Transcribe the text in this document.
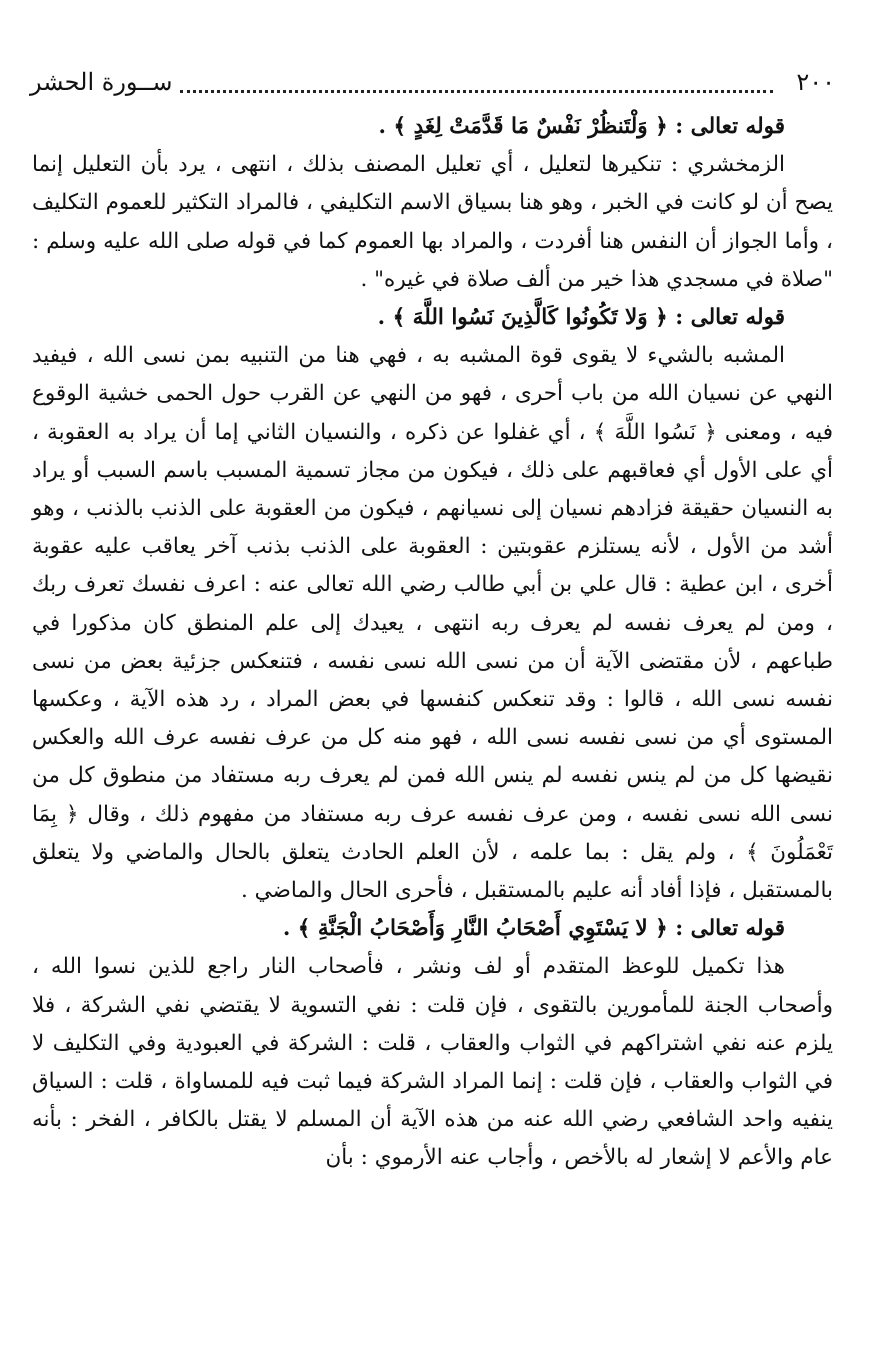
٢٠٠
ســورة الحشر

قوله تعالى : ﴿ وَلْتَنظُرْ نَفْسٌ مَا قَدَّمَتْ لِغَدٍ ﴾ .

الزمخشري : تنكيرها لتعليل ، أي تعليل المصنف بذلك ، انتهى ، يرد بأن التعليل إنما يصح أن لو كانت في الخبر ، وهو هنا بسياق الاسم التكليفي ، فالمراد التكثير للعموم التكليف ، وأما الجواز أن النفس هنا أفردت ، والمراد بها العموم كما في قوله صلى الله عليه وسلم : "صلاة في مسجدي هذا خير من ألف صلاة في غيره" .

قوله تعالى : ﴿ وَلا تَكُونُوا كَالَّذِينَ نَسُوا اللَّهَ ﴾ .

المشبه بالشيء لا يقوى قوة المشبه به ، فهي هنا من التنبيه بمن نسى الله ، فيفيد النهي عن نسيان الله من باب أحرى ، فهو من النهي عن القرب حول الحمى خشية الوقوع فيه ، ومعنى ﴿ نَسُوا اللَّهَ ﴾ ، أي غفلوا عن ذكره ، والنسيان الثاني إما أن يراد به العقوبة ، أي على الأول أي فعاقبهم على ذلك ، فيكون من مجاز تسمية المسبب باسم السبب أو يراد به النسيان حقيقة فزادهم نسيان إلى نسيانهم ، فيكون من العقوبة على الذنب بالذنب ، وهو أشد من الأول ، لأنه يستلزم عقوبتين : العقوبة على الذنب بذنب آخر يعاقب عليه عقوبة أخرى ، ابن عطية : قال علي بن أبي طالب رضي الله تعالى عنه : اعرف نفسك تعرف ربك ، ومن لم يعرف نفسه لم يعرف ربه انتهى ، يعيدك إلى علم المنطق كان مذكورا في طباعهم ، لأن مقتضى الآية أن من نسى الله نسى نفسه ، فتنعكس جزئية بعض من نسى نفسه نسى الله ، قالوا : وقد تنعكس كنفسها في بعض المراد ، رد هذه الآية ، وعكسها المستوى أي من نسى نفسه نسى الله ، فهو منه كل من عرف نفسه عرف الله والعكس نقيضها كل من لم ينس نفسه لم ينس الله فمن لم يعرف ربه مستفاد من منطوق كل من نسى الله نسى نفسه ، ومن عرف نفسه عرف ربه مستفاد من مفهوم ذلك ، وقال ﴿ بِمَا تَعْمَلُونَ ﴾ ، ولم يقل : بما علمه ، لأن العلم الحادث يتعلق بالحال والماضي ولا يتعلق بالمستقبل ، فإذا أفاد أنه عليم بالمستقبل ، فأحرى الحال والماضي .

قوله تعالى : ﴿ لا يَسْتَوِي أَصْحَابُ النَّارِ وَأَصْحَابُ الْجَنَّةِ ﴾ .

هذا تكميل للوعظ المتقدم أو لف ونشر ، فأصحاب النار راجع للذين نسوا الله ، وأصحاب الجنة للمأمورين بالتقوى ، فإن قلت : نفي التسوية لا يقتضي نفي الشركة ، فلا يلزم عنه نفي اشتراكهم في الثواب والعقاب ، قلت : الشركة في العبودية وفي التكليف لا في الثواب والعقاب ، فإن قلت : إنما المراد الشركة فيما ثبت فيه للمساواة ، قلت : السياق ينفيه واحد الشافعي رضي الله عنه من هذه الآية أن المسلم لا يقتل بالكافر ، الفخر : بأنه عام والأعم لا إشعار له بالأخص ، وأجاب عنه الأرموي : بأن
